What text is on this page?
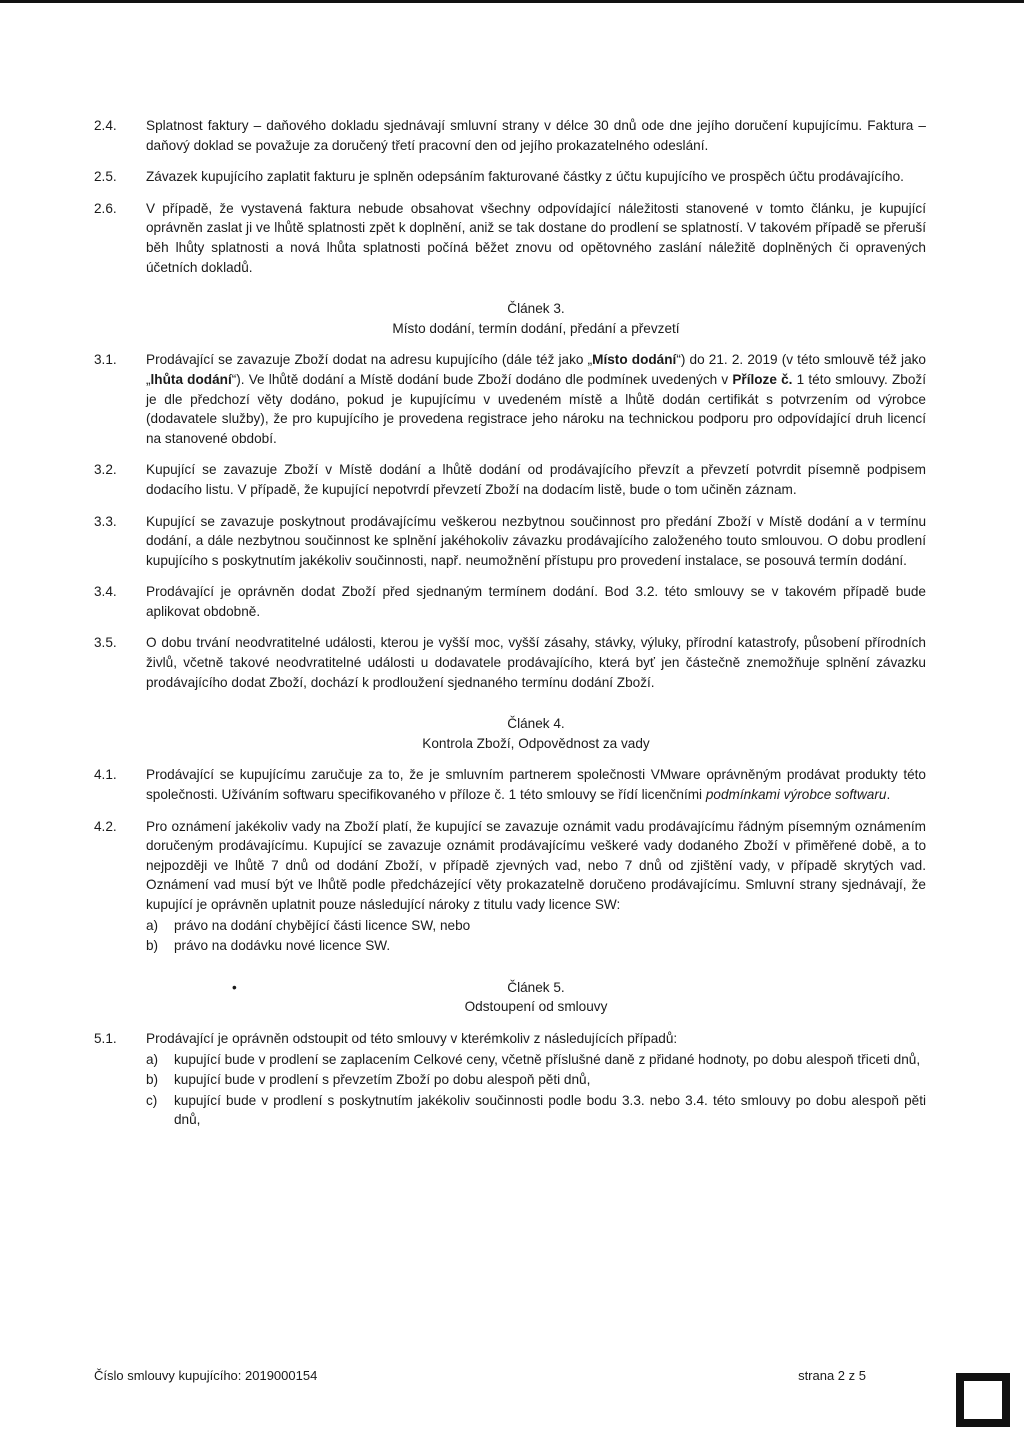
2.4.	Splatnost faktury – daňového dokladu sjednávají smluvní strany v délce 30 dnů ode dne jejího doručení kupujícímu. Faktura – daňový doklad se považuje za doručený třetí pracovní den od jejího prokazatelného odeslání.
2.5.	Závazek kupujícího zaplatit fakturu je splněn odepsáním fakturované částky z účtu kupujícího ve prospěch účtu prodávajícího.
2.6.	V případě, že vystavená faktura nebude obsahovat všechny odpovídající náležitosti stanovené v tomto článku, je kupující oprávněn zaslat ji ve lhůtě splatnosti zpět k doplnění, aniž se tak dostane do prodlení se splatností. V takovém případě se přeruší běh lhůty splatnosti a nová lhůta splatnosti počíná běžet znovu od opětovného zaslání náležitě doplněných či opravených účetních dokladů.
Článek 3.
Místo dodání, termín dodání, předání a převzetí
3.1.	Prodávající se zavazuje Zboží dodat na adresu kupujícího (dále též jako „Místo dodání“) do 21. 2. 2019 (v této smlouvě též jako „lhůta dodání“). Ve lhůtě dodání a Místě dodání bude Zboží dodáno dle podmínek uvedených v Příloze č. 1 této smlouvy. Zboží je dle předchozí věty dodáno, pokud je kupujícímu v uvedeném místě a lhůtě dodán certifikát s potvrzením od výrobce (dodavatele služby), že pro kupujícího je provedena registrace jeho nároku na technickou podporu pro odpovídající druh licencí na stanovené období.
3.2.	Kupující se zavazuje Zboží v Místě dodání a lhůtě dodání od prodávajícího převzít a převzetí potvrdit písemně podpisem dodacího listu. V případě, že kupující nepotvrdí převzetí Zboží na dodacím listě, bude o tom učiněn záznam.
3.3.	Kupující se zavazuje poskytnout prodávajícímu veškerou nezbytnou součinnost pro předání Zboží v Místě dodání a v termínu dodání, a dále nezbytnou součinnost ke splnění jakéhokoliv závazku prodávajícího založeného touto smlouvou. O dobu prodlení kupujícího s poskytnutím jakékoliv součinnosti, např. neumožnění přístupu pro provedení instalace, se posouvá termín dodání.
3.4.	Prodávající je oprávněn dodat Zboží před sjednaným termínem dodání. Bod 3.2. této smlouvy se v takovém případě bude aplikovat obdobně.
3.5.	O dobu trvání neodvratitelné události, kterou je vyšší moc, vyšší zásahy, stávky, výluky, přírodní katastrofy, působení přírodních živlů, včetně takové neodvratitelné události u dodavatele prodávajícího, která byť jen částečně znemožňuje splnění závazku prodávajícího dodat Zboží, dochází k prodloužení sjednaného termínu dodání Zboží.
Článek 4.
Kontrola Zboží, Odpovědnost za vady
4.1.	Prodávající se kupujícímu zaručuje za to, že je smluvním partnerem společnosti VMware oprávněným prodávat produkty této společnosti. Užíváním softwaru specifikovaného v příloze č. 1 této smlouvy se řídí licenčními podmínkami výrobce softwaru.
4.2.	Pro oznámení jakékoliv vady na Zboží platí, že kupující se zavazuje oznámit vadu prodávajícímu řádným písemným oznámením doručeným prodávajícímu. Kupující se zavazuje oznámit prodávajícímu veškeré vady dodaného Zboží v přiměřené době, a to nejpozději ve lhůtě 7 dnů od dodání Zboží, v případě zjevných vad, nebo 7 dnů od zjištění vady, v případě skrytých vad. Oznámení vad musí být ve lhůtě podle předcházející věty prokazatelně doručeno prodávajícímu. Smluvní strany sjednávají, že kupující je oprávněn uplatnit pouze následující nároky z titulu vady licence SW:
a)	právo na dodání chybějící části licence SW, nebo
b)	právo na dodávku nové licence SW.
•	Článek 5.
Odstoupení od smlouvy
5.1.	Prodávající je oprávněn odstoupit od této smlouvy v kterémkoliv z následujících případů:
a)	kupující bude v prodlení se zaplacením Celkové ceny, včetně příslušné daně z přidané hodnoty, po dobu alespoň třiceti dnů,
b)	kupující bude v prodlení s převzetím Zboží po dobu alespoň pěti dnů,
c)	kupující bude v prodlení s poskytnutím jakékoliv součinnosti podle bodu 3.3. nebo 3.4. této smlouvy po dobu alespoň pěti dnů,
Číslo smlouvy kupujícího: 2019000154	strana 2 z 5
